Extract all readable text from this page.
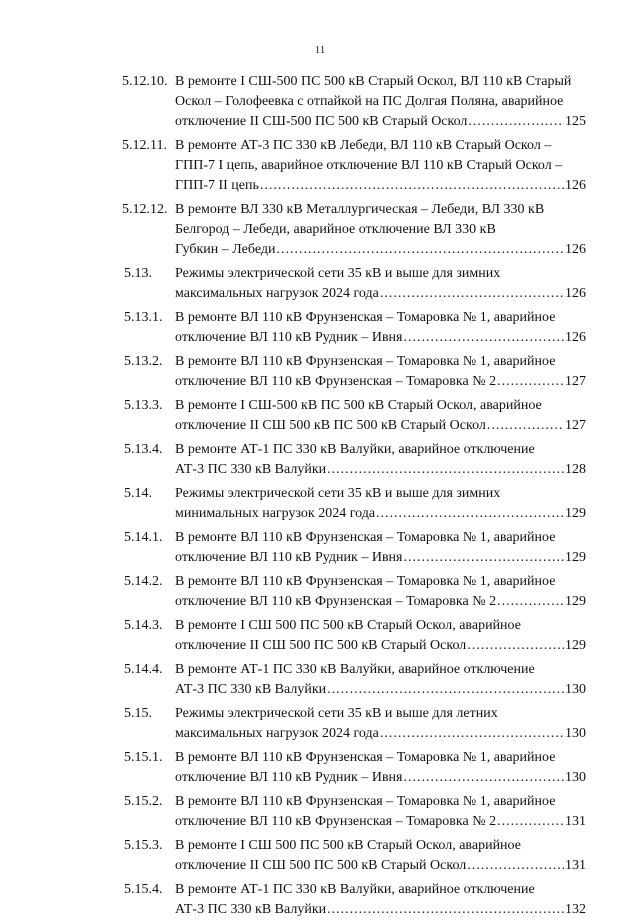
11
5.12.10. В ремонте I СШ-500 ПС 500 кВ Старый Оскол, ВЛ 110 кВ Старый
Оскол – Голофеевка с отпайкой на ПС Долгая Поляна, аварийное
отключение II СШ-500 ПС 500 кВ Старый Оскол .....	125
5.12.11. В ремонте АТ-3 ПС 330 кВ Лебеди, ВЛ 110 кВ Старый Оскол –
ГПП-7 I цепь, аварийное отключение ВЛ 110 кВ Старый Оскол –
ГПП-7 II цепь .....	126
5.12.12. В ремонте ВЛ 330 кВ Металлургическая – Лебеди, ВЛ 330 кВ
Белгород – Лебеди, аварийное отключение ВЛ 330 кВ
Губкин – Лебеди .....	126
5.13. Режимы электрической сети 35 кВ и выше для зимних
максимальных нагрузок 2024 года .....	126
5.13.1. В ремонте ВЛ 110 кВ Фрунзенская – Томаровка № 1, аварийное
отключение ВЛ 110 кВ Рудник – Ивня .....	126
5.13.2. В ремонте ВЛ 110 кВ Фрунзенская – Томаровка № 1, аварийное
отключение ВЛ 110 кВ Фрунзенская – Томаровка № 2 .....	127
5.13.3. В ремонте I СШ-500 кВ ПС 500 кВ Старый Оскол, аварийное
отключение II СШ 500 кВ ПС 500 кВ Старый Оскол .....	127
5.13.4. В ремонте АТ-1 ПС 330 кВ Валуйки, аварийное отключение
АТ-3 ПС 330 кВ Валуйки .....	128
5.14. Режимы электрической сети 35 кВ и выше для зимних
минимальных нагрузок 2024 года .....	129
5.14.1. В ремонте ВЛ 110 кВ Фрунзенская – Томаровка № 1, аварийное
отключение ВЛ 110 кВ Рудник – Ивня .....	129
5.14.2. В ремонте ВЛ 110 кВ Фрунзенская – Томаровка № 1, аварийное
отключение ВЛ 110 кВ Фрунзенская – Томаровка № 2 .....	129
5.14.3. В ремонте I СШ 500 ПС 500 кВ Старый Оскол, аварийное
отключение II СШ 500 ПС 500 кВ Старый Оскол .....	129
5.14.4. В ремонте АТ-1 ПС 330 кВ Валуйки, аварийное отключение
АТ-3 ПС 330 кВ Валуйки .....	130
5.15. Режимы электрической сети 35 кВ и выше для летних
максимальных нагрузок 2024 года .....	130
5.15.1. В ремонте ВЛ 110 кВ Фрунзенская – Томаровка № 1, аварийное
отключение ВЛ 110 кВ Рудник – Ивня .....	130
5.15.2. В ремонте ВЛ 110 кВ Фрунзенская – Томаровка № 1, аварийное
отключение ВЛ 110 кВ Фрунзенская – Томаровка № 2 .....	131
5.15.3. В ремонте I СШ 500 ПС 500 кВ Старый Оскол, аварийное
отключение II СШ 500 ПС 500 кВ Старый Оскол .....	131
5.15.4. В ремонте АТ-1 ПС 330 кВ Валуйки, аварийное отключение
АТ-3 ПС 330 кВ Валуйки .....	132
